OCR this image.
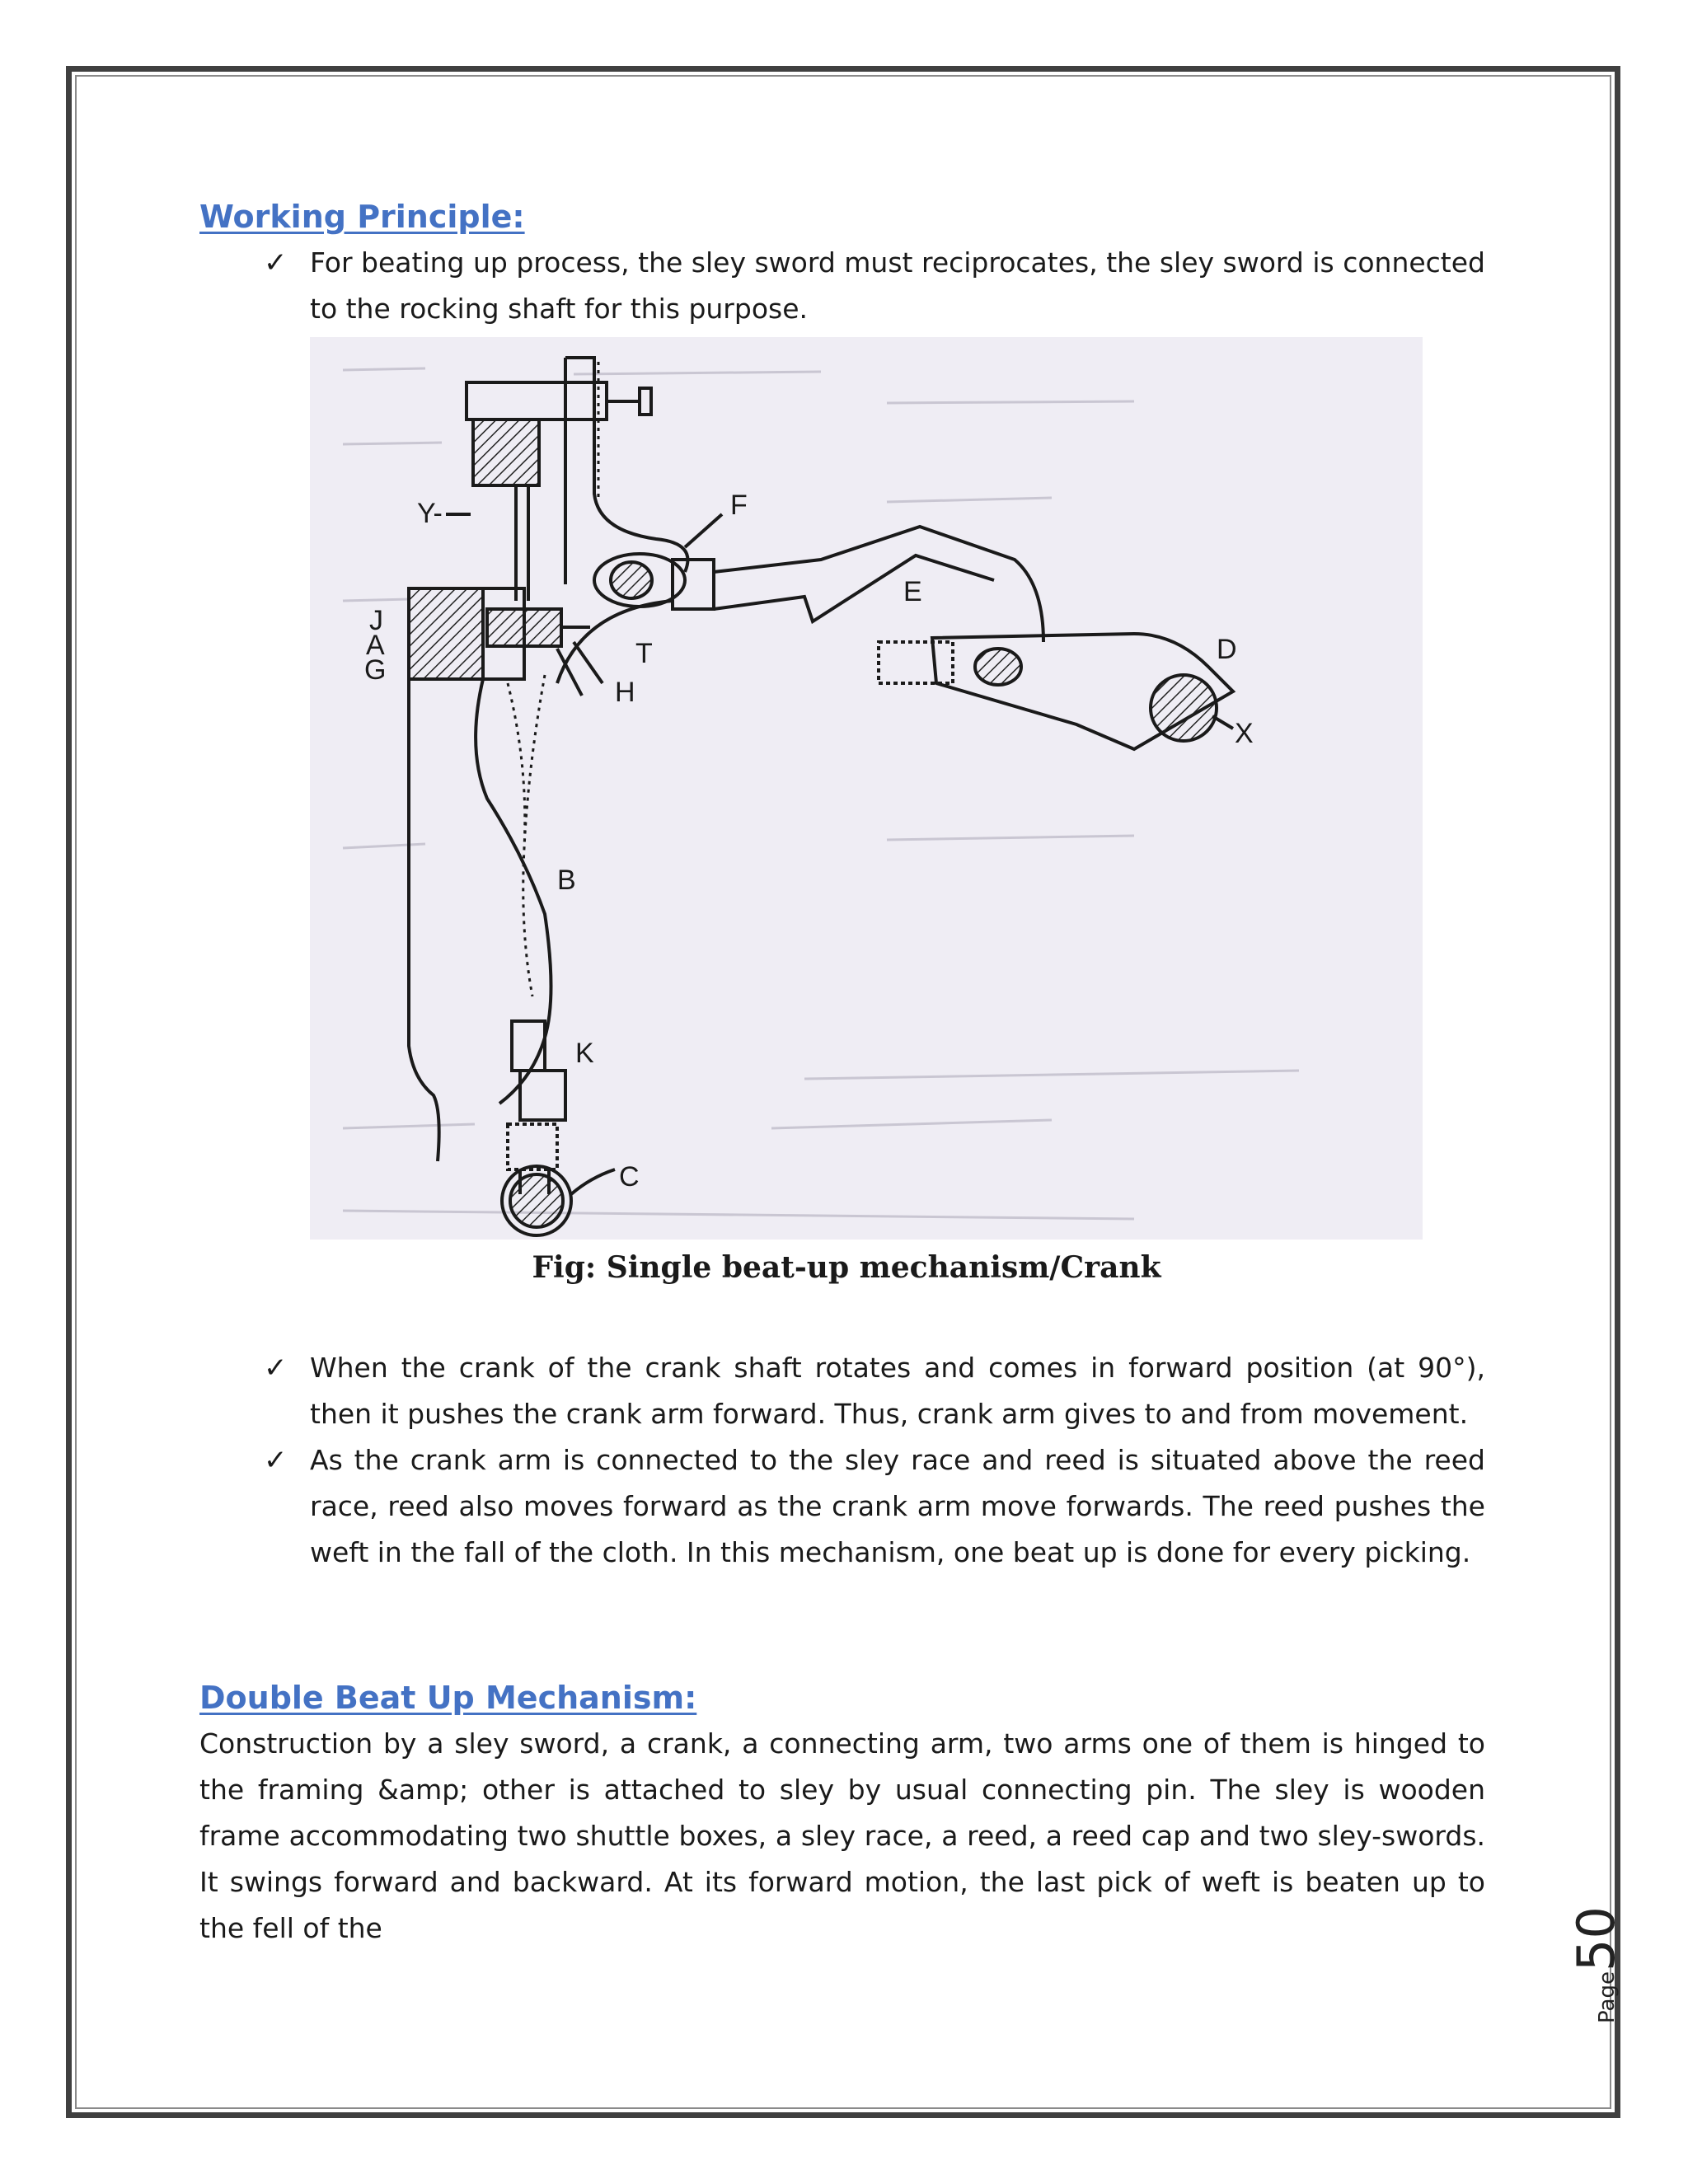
Working Principle:
✓ For beating up process, the sley sword must reciprocates, the sley sword is connected to the rocking shaft for this purpose.
F
Y-
E
J
A
G
T
H
D
X
B
K
C
Fig: Single beat-up mechanism/Crank
✓ When the crank of the crank shaft rotates and comes in forward position (at 90°), then it pushes the crank arm forward. Thus, crank arm gives to and from movement.
✓ As the crank arm is connected to the sley race and reed is situated above the reed race, reed also moves forward as the crank arm move forwards. The reed pushes the weft in the fall of the cloth. In this mechanism, one beat up is done for every picking.
Double Beat Up Mechanism:

Construction by a sley sword, a crank, a connecting arm, two arms one of them is hinged to the framing &amp; other is attached to sley by usual connecting pin. The sley is wooden frame accommodating two shuttle boxes, a sley race, a reed, a reed cap and two sley-swords. It swings forward and backward. At its forward motion, the last pick of weft is beaten up to the fell of the

Page50
